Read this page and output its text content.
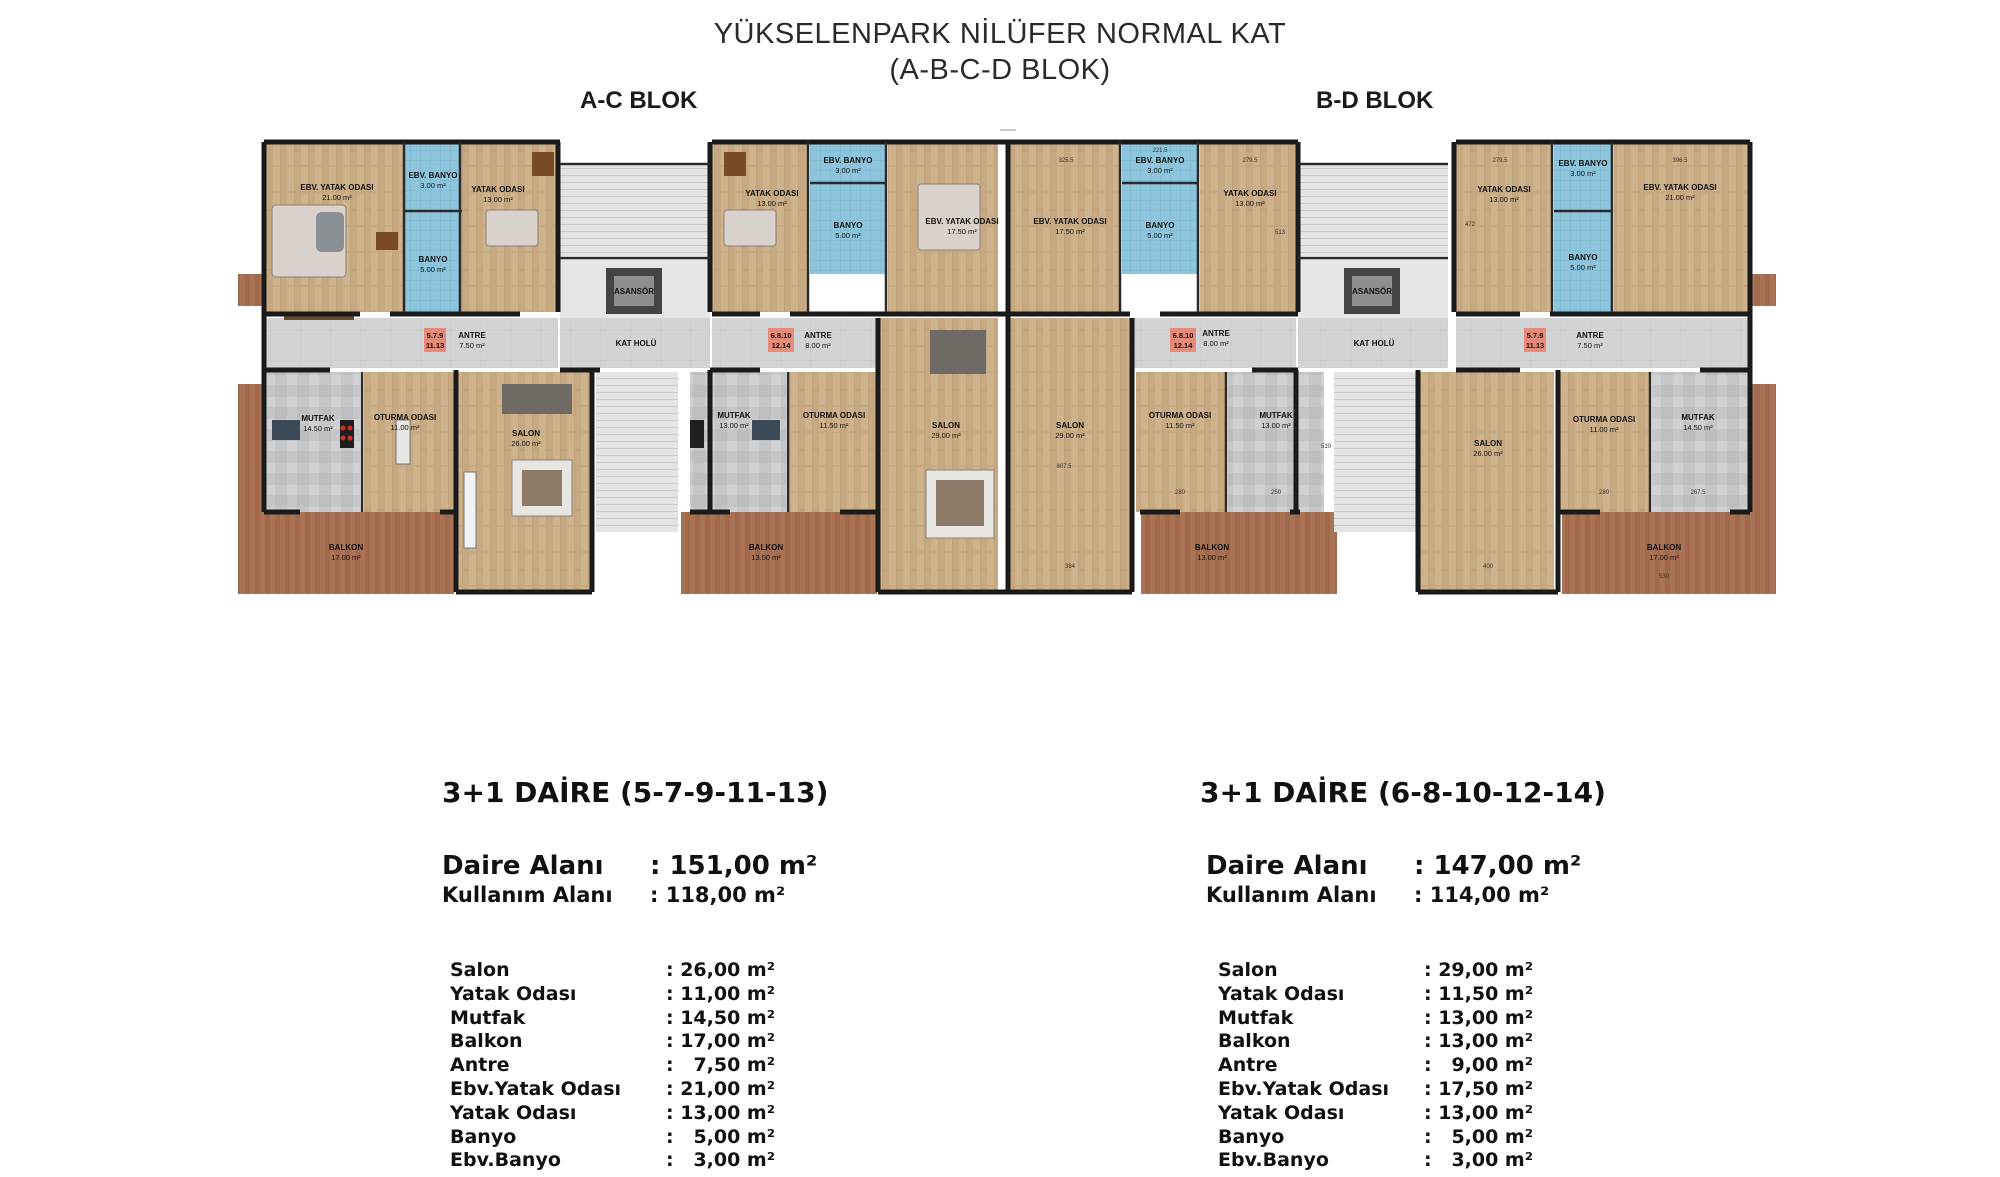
YÜKSELENPARK NİLÜFER NORMAL KAT
(A-B-C-D BLOK)
A-C BLOK	B-D BLOK
EBV. YATAK ODASI
21.00 m²
EBV. BANYO
3.00 m²
BANYO
5.00 m²
YATAK ODASI
13.00 m²
ANTRE
7.50 m²
5.7.9
11.13
MUTFAK
14.50 m²
OTURMA ODASI
11.00 m²
SALON
26.00 m²
BALKON
17.00 m²
ASANSÖR
KAT HOLÜ
YATAK ODASI
13.00 m²
EBV. BANYO
3.00 m²
BANYO
5.00 m²
EBV. YATAK ODASI
17.50 m²
6.8.10
12.14
ANTRE
8.00 m²
MUTFAK
13.00 m²
OTURMA ODASI
11.50 m²	SALON
29.00 m²
BALKON
13.00 m²
325.5
221.5
279.5
EBV. YATAK ODASI
17.50 m²
EBV. BANYO
3.00 m²
BANYO
5.00 m²
YATAK ODASI
13.00 m²
513
807.5
6.8.10
12.14
ANTRE
8.00 m²
SALON
29.00 m²
384
OTURMA ODASI
11.50 m²
280
MUTFAK
13.00 m²
250
BALKON
13.00 m²
ASANSÖR
KAT HOLÜ
510
279.5	396.5
YATAK ODASI
13.00 m²
472
EBV. BANYO
3.00 m²
BANYO
5.00 m²
EBV. YATAK ODASI
21.00 m²
5.7.9
11.13
ANTRE
7.50 m²
SALON
26.00 m²
400
OTURMA ODASI
11.00 m²
280
MUTFAK
14.50 m²
267.5
BALKON
17.00 m²
530
3+1 DAİRE (5-7-9-11-13)
Daire Alanı	: 151,00 m²
Kullanım Alanı	: 118,00 m²
Salon	: 26,00 m²
Yatak Odası	: 11,00 m²
Mutfak	: 14,50 m²
Balkon	: 17,00 m²
Antre	:   7,50 m²
Ebv.Yatak Odası	: 21,00 m²
Yatak Odası	: 13,00 m²
Banyo	:   5,00 m²
Ebv.Banyo	:   3,00 m²
3+1 DAİRE (6-8-10-12-14)
Daire Alanı	: 147,00 m²
Kullanım Alanı	: 114,00 m²
Salon	: 29,00 m²
Yatak Odası	: 11,50 m²
Mutfak	: 13,00 m²
Balkon	: 13,00 m²
Antre	:   9,00 m²
Ebv.Yatak Odası	: 17,50 m²
Yatak Odası	: 13,00 m²
Banyo	:   5,00 m²
Ebv.Banyo	:   3,00 m²
